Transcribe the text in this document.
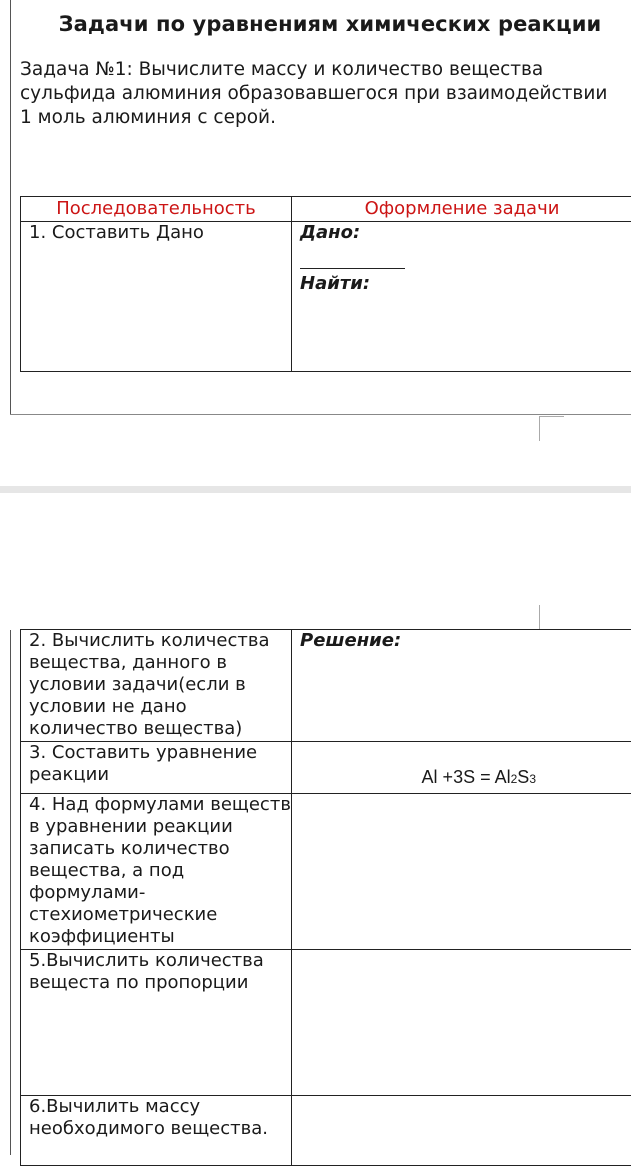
Задачи по уравнениям химических реакции
Задача №1: Вычислите массу и количество вещества сульфида алюминия образовавшегося при взаимодействии 1 моль алюминия с серой.
Последовательность	Оформление задачи
1. Составить Дано	Дано:
Найти:
2. Вычислить количества вещества, данного в условии задачи(если в условии не дано количество вещества)	Решение:
3. Составить уравнение реакции	Al +3S = Al2S3

4. Над формулами веществ в уравнении реакции записать количество вещества, а под формулами- стехиометрические коэффициенты	
5.Вычислить количества вещеста по пропорции	
6.Вычилить массу необходимого вещества.	
